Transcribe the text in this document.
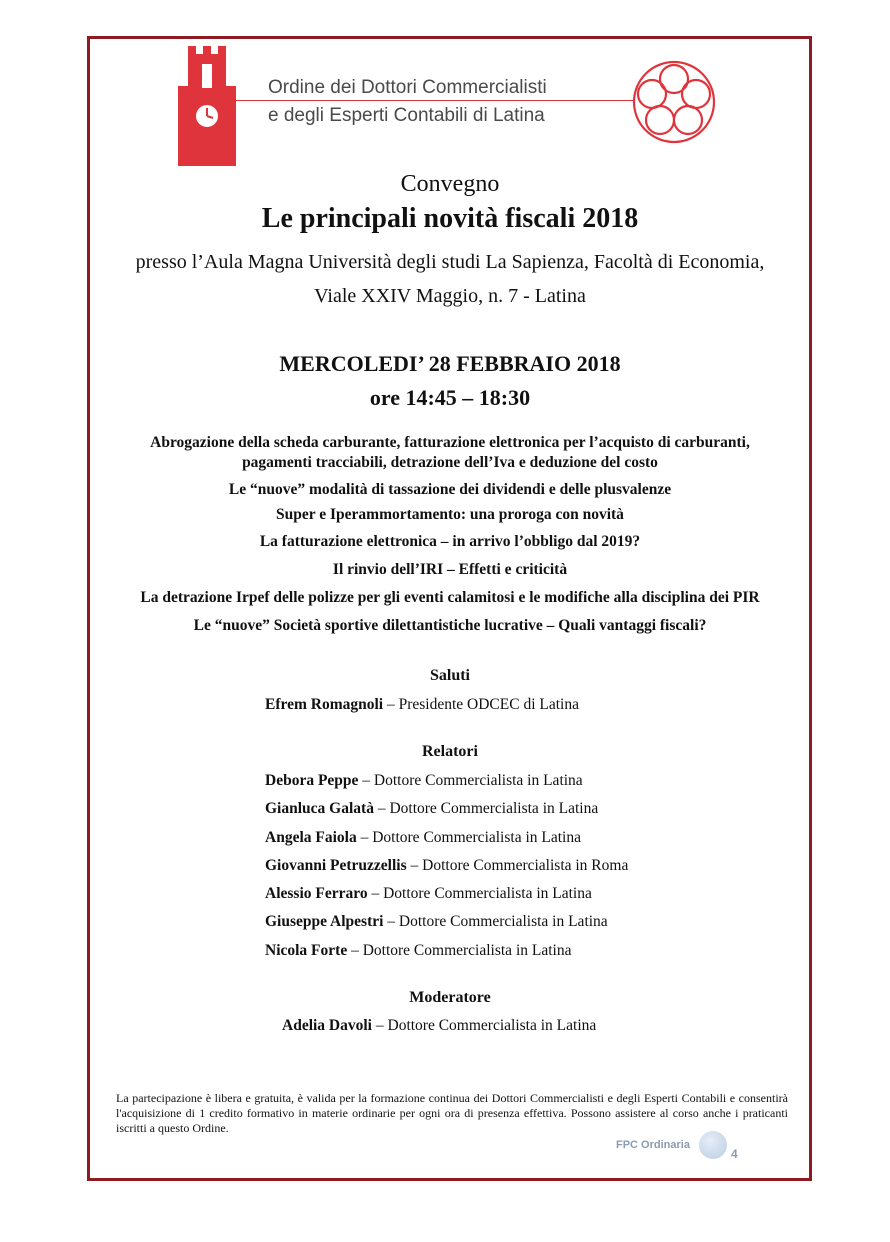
Ordine dei Dottori Commercialisti
e degli Esperti Contabili di Latina
Convegno
Le principali novità fiscali 2018
presso l’Aula Magna Università degli studi La Sapienza, Facoltà di Economia,
Viale XXIV Maggio, n. 7 - Latina
MERCOLEDI’ 28 FEBBRAIO 2018
ore 14:45 – 18:30
Abrogazione della scheda carburante, fatturazione elettronica per l’acquisto di carburanti,
pagamenti tracciabili, detrazione dell’Iva e deduzione del costo
Le “nuove” modalità di tassazione dei dividendi e delle plusvalenze
Super e Iperammortamento: una proroga con novità
La fatturazione elettronica – in arrivo l’obbligo dal 2019?
Il rinvio dell’IRI – Effetti e criticità
La detrazione Irpef delle polizze per gli eventi calamitosi e le modifiche alla disciplina dei PIR
Le “nuove” Società sportive dilettantistiche lucrative – Quali vantaggi fiscali?
Saluti
Efrem Romagnoli – Presidente ODCEC di Latina
Relatori
Debora Peppe – Dottore Commercialista in Latina
Gianluca Galatà – Dottore Commercialista in Latina
Angela Faiola – Dottore Commercialista in Latina
Giovanni Petruzzellis – Dottore Commercialista in Roma
Alessio Ferraro – Dottore Commercialista in Latina
Giuseppe Alpestri – Dottore Commercialista in Latina
Nicola Forte – Dottore Commercialista in Latina
Moderatore
Adelia Davoli – Dottore Commercialista in Latina
La partecipazione è libera e gratuita, è valida per la formazione continua dei Dottori Commercialisti e degli Esperti Contabili e consentirà l'acquisizione di 1 credito formativo in materie ordinarie per ogni ora di presenza effettiva. Possono assistere al corso anche i praticanti iscritti a questo Ordine.
FPC Ordinaria
4
